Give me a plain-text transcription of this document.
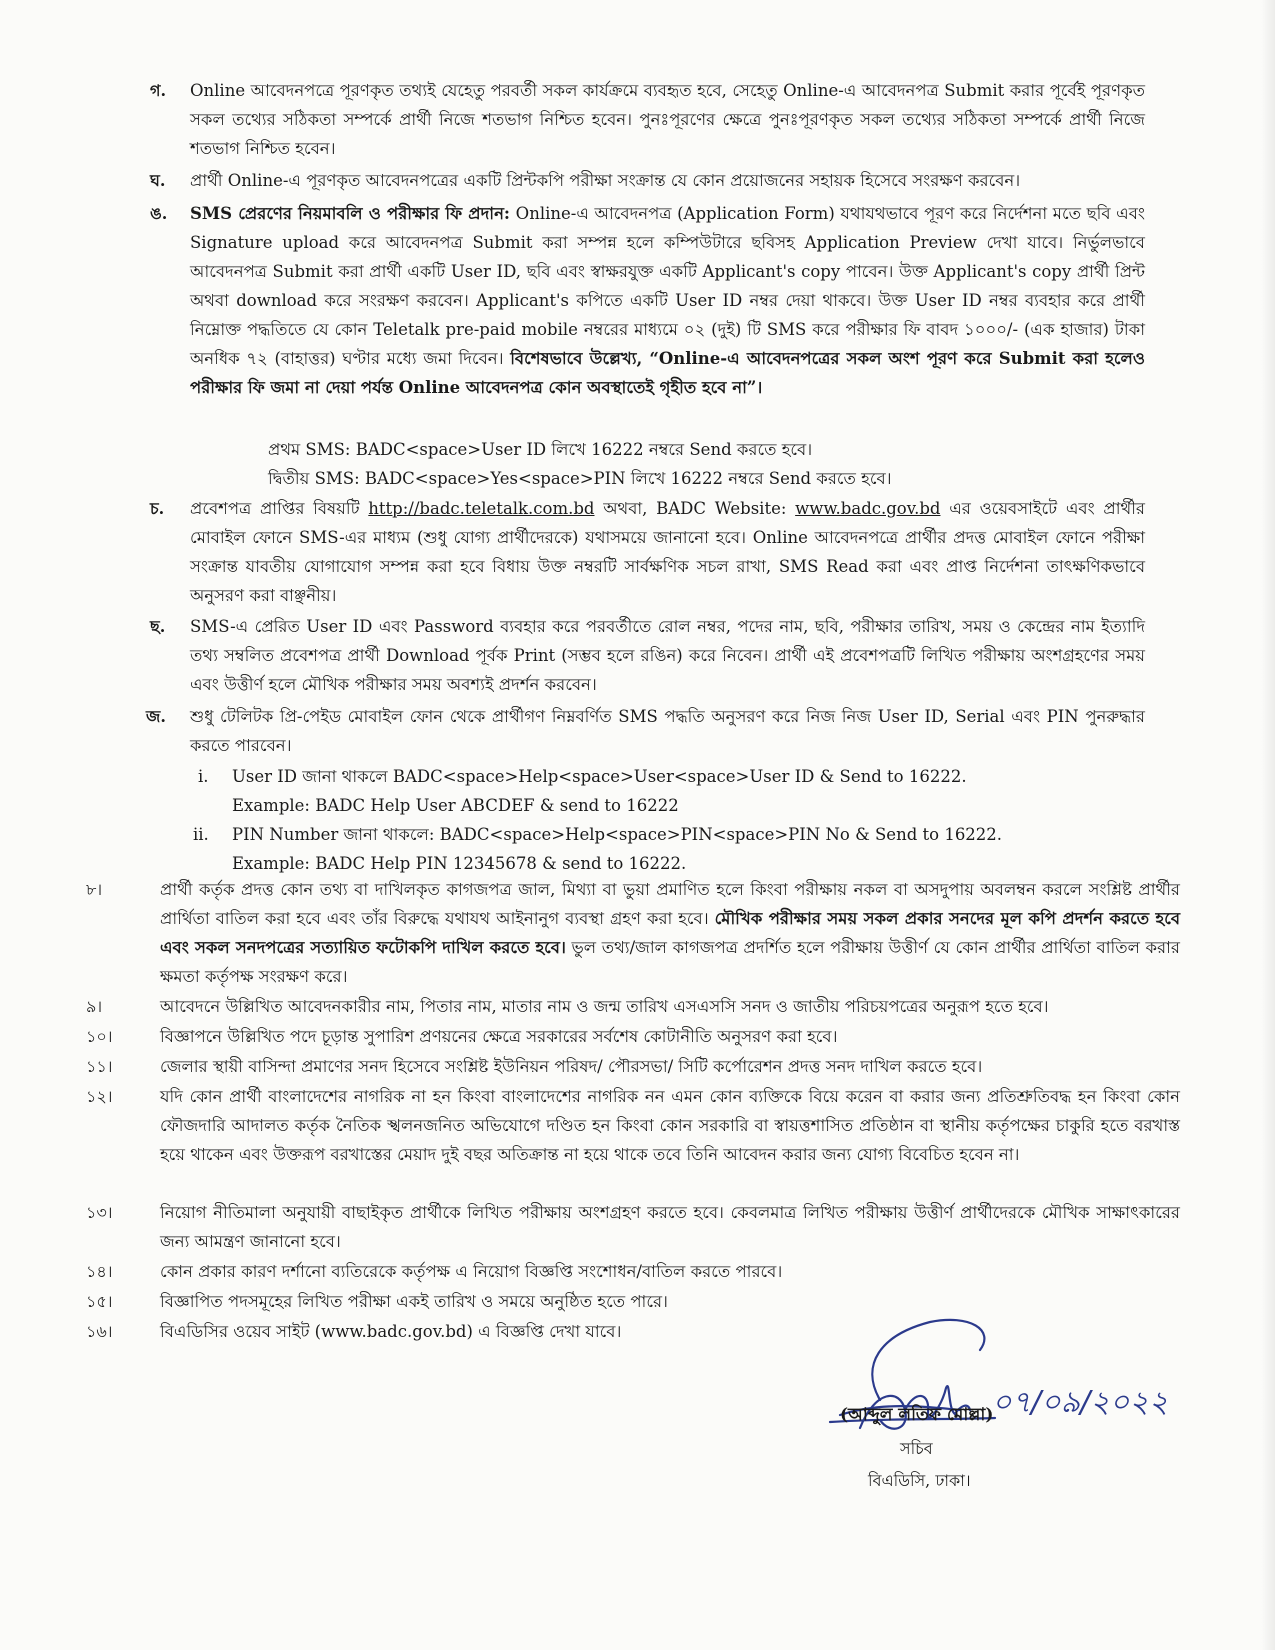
গ. Online আবেদনপত্রে পূরণকৃত তথ্যই যেহেতু পরবর্তী সকল কার্যক্রমে ব্যবহৃত হবে, সেহেতু Online-এ আবেদনপত্র Submit করার পূর্বেই পূরণকৃত সকল তথ্যের সঠিকতা সম্পর্কে প্রার্থী নিজে শতভাগ নিশ্চিত হবেন। পুনঃপূরণের ক্ষেত্রে পুনঃপূরণকৃত সকল তথ্যের সঠিকতা সম্পর্কে প্রার্থী নিজে শতভাগ নিশ্চিত হবেন।
ঘ. প্রার্থী Online-এ পূরণকৃত আবেদনপত্রের একটি প্রিন্টকপি পরীক্ষা সংক্রান্ত যে কোন প্রয়োজনের সহায়ক হিসেবে সংরক্ষণ করবেন।
ঙ. SMS প্রেরণের নিয়মাবলি ও পরীক্ষার ফি প্রদান: Online-এ আবেদনপত্র (Application Form) যথাযথভাবে পূরণ করে নির্দেশনা মতে ছবি এবং Signature upload করে আবেদনপত্র Submit করা সম্পন্ন হলে কম্পিউটারে ছবিসহ Application Preview দেখা যাবে। নির্ভুলভাবে আবেদনপত্র Submit করা প্রার্থী একটি User ID, ছবি এবং স্বাক্ষরযুক্ত একটি Applicant's copy পাবেন। উক্ত Applicant's copy প্রার্থী প্রিন্ট অথবা download করে সংরক্ষণ করবেন। Applicant's কপিতে একটি User ID নম্বর দেয়া থাকবে। উক্ত User ID নম্বর ব্যবহার করে প্রার্থী নিম্নোক্ত পদ্ধতিতে যে কোন Teletalk pre-paid mobile নম্বরের মাধ্যমে ০২ (দুই) টি SMS করে পরীক্ষার ফি বাবদ ১০০০/- (এক হাজার) টাকা অনধিক ৭২ (বাহাত্তর) ঘণ্টার মধ্যে জমা দিবেন। বিশেষভাবে উল্লেখ্য, “Online-এ আবেদনপত্রের সকল অংশ পূরণ করে Submit করা হলেও পরীক্ষার ফি জমা না দেয়া পর্যন্ত Online আবেদনপত্র কোন অবস্থাতেই গৃহীত হবে না”।
প্রথম SMS: BADC<space>User ID লিখে 16222 নম্বরে Send করতে হবে।
দ্বিতীয় SMS: BADC<space>Yes<space>PIN লিখে 16222 নম্বরে Send করতে হবে।
চ. প্রবেশপত্র প্রাপ্তির বিষয়টি http://badc.teletalk.com.bd অথবা, BADC Website: www.badc.gov.bd এর ওয়েবসাইটে এবং প্রার্থীর মোবাইল ফোনে SMS-এর মাধ্যম (শুধু যোগ্য প্রার্থীদেরকে) যথাসময়ে জানানো হবে। Online আবেদনপত্রে প্রার্থীর প্রদত্ত মোবাইল ফোনে পরীক্ষা সংক্রান্ত যাবতীয় যোগাযোগ সম্পন্ন করা হবে বিধায় উক্ত নম্বরটি সার্বক্ষণিক সচল রাখা, SMS Read করা এবং প্রাপ্ত নির্দেশনা তাৎক্ষণিকভাবে অনুসরণ করা বাঞ্ছনীয়।
ছ. SMS-এ প্রেরিত User ID এবং Password ব্যবহার করে পরবর্তীতে রোল নম্বর, পদের নাম, ছবি, পরীক্ষার তারিখ, সময় ও কেন্দ্রের নাম ইত্যাদি তথ্য সম্বলিত প্রবেশপত্র প্রার্থী Download পূর্বক Print (সম্ভব হলে রঙিন) করে নিবেন। প্রার্থী এই প্রবেশপত্রটি লিখিত পরীক্ষায় অংশগ্রহণের সময় এবং উত্তীর্ণ হলে মৌখিক পরীক্ষার সময় অবশ্যই প্রদর্শন করবেন।
জ. শুধু টেলিটক প্রি-পেইড মোবাইল ফোন থেকে প্রার্থীগণ নিম্নবর্ণিত SMS পদ্ধতি অনুসরণ করে নিজ নিজ User ID, Serial এবং PIN পুনরুদ্ধার করতে পারবেন।
i. User ID জানা থাকলে BADC<space>Help<space>User<space>User ID & Send to 16222.
Example: BADC Help User ABCDEF & send to 16222
ii. PIN Number জানা থাকলে: BADC<space>Help<space>PIN<space>PIN No & Send to 16222.
Example: BADC Help PIN 12345678 & send to 16222.
৮।	প্রার্থী কর্তৃক প্রদত্ত কোন তথ্য বা দাখিলকৃত কাগজপত্র জাল, মিথ্যা বা ভুয়া প্রমাণিত হলে কিংবা পরীক্ষায় নকল বা অসদুপায় অবলম্বন করলে সংশ্লিষ্ট প্রার্থীর প্রার্থিতা বাতিল করা হবে এবং তাঁর বিরুদ্ধে যথাযথ আইনানুগ ব্যবস্থা গ্রহণ করা হবে। মৌখিক পরীক্ষার সময় সকল প্রকার সনদের মূল কপি প্রদর্শন করতে হবে এবং সকল সনদপত্রের সত্যায়িত ফটোকপি দাখিল করতে হবে। ভুল তথ্য/জাল কাগজপত্র প্রদর্শিত হলে পরীক্ষায় উত্তীর্ণ যে কোন প্রার্থীর প্রার্থিতা বাতিল করার ক্ষমতা কর্তৃপক্ষ সংরক্ষণ করে।
৯।	আবেদনে উল্লিখিত আবেদনকারীর নাম, পিতার নাম, মাতার নাম ও জন্ম তারিখ এসএসসি সনদ ও জাতীয় পরিচয়পত্রের অনুরূপ হতে হবে।
১০।	বিজ্ঞাপনে উল্লিখিত পদে চূড়ান্ত সুপারিশ প্রণয়নের ক্ষেত্রে সরকারের সর্বশেষ কোটানীতি অনুসরণ করা হবে।
১১।	জেলার স্থায়ী বাসিন্দা প্রমাণের সনদ হিসেবে সংশ্লিষ্ট ইউনিয়ন পরিষদ/ পৌরসভা/ সিটি কর্পোরেশন প্রদত্ত সনদ দাখিল করতে হবে।
১২।	যদি কোন প্রার্থী বাংলাদেশের নাগরিক না হন কিংবা বাংলাদেশের নাগরিক নন এমন কোন ব্যক্তিকে বিয়ে করেন বা করার জন্য প্রতিশ্রুতিবদ্ধ হন কিংবা কোন ফৌজদারি আদালত কর্তৃক নৈতিক স্খলনজনিত অভিযোগে দণ্ডিত হন কিংবা কোন সরকারি বা স্বায়ত্তশাসিত প্রতিষ্ঠান বা স্থানীয় কর্তৃপক্ষের চাকুরি হতে বরখাস্ত হয়ে থাকেন এবং উক্তরূপ বরখাস্তের মেয়াদ দুই বছর অতিক্রান্ত না হয়ে থাকে তবে তিনি আবেদন করার জন্য যোগ্য বিবেচিত হবেন না।
১৩।	নিয়োগ নীতিমালা অনুযায়ী বাছাইকৃত প্রার্থীকে লিখিত পরীক্ষায় অংশগ্রহণ করতে হবে। কেবলমাত্র লিখিত পরীক্ষায় উত্তীর্ণ প্রার্থীদেরকে মৌখিক সাক্ষাৎকারের জন্য আমন্ত্রণ জানানো হবে।
১৪।	কোন প্রকার কারণ দর্শানো ব্যতিরেকে কর্তৃপক্ষ এ নিয়োগ বিজ্ঞপ্তি সংশোধন/বাতিল করতে পারবে।
১৫।	বিজ্ঞাপিত পদসমূহের লিখিত পরীক্ষা একই তারিখ ও সময়ে অনুষ্ঠিত হতে পারে।
১৬।	বিএডিসির ওয়েব সাইট (www.badc.gov.bd) এ বিজ্ঞপ্তি দেখা যাবে।
০৭/০৯/২০২২
(আব্দুল লতিফ মোল্লা)
সচিব
বিএডিসি, ঢাকা।
